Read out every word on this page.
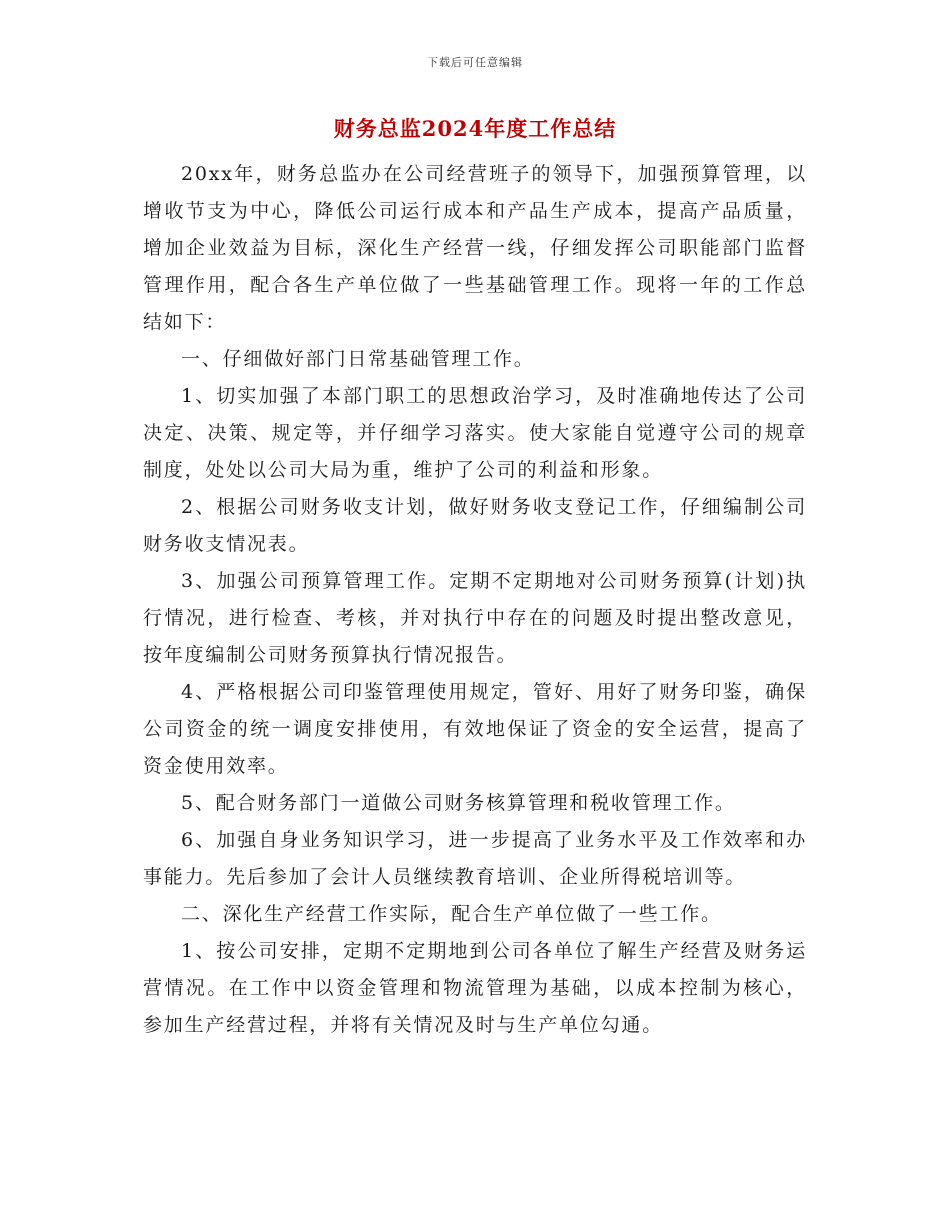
下载后可任意编辑
财务总监2024年度工作总结

20xx年，财务总监办在公司经营班子的领导下，加强预算管理，以增收节支为中心，降低公司运行成本和产品生产成本，提高产品质量，增加企业效益为目标，深化生产经营一线，仔细发挥公司职能部门监督管理作用，配合各生产单位做了一些基础管理工作。现将一年的工作总结如下：

一、仔细做好部门日常基础管理工作。

1、切实加强了本部门职工的思想政治学习，及时准确地传达了公司决定、决策、规定等，并仔细学习落实。使大家能自觉遵守公司的规章制度，处处以公司大局为重，维护了公司的利益和形象。

2、根据公司财务收支计划，做好财务收支登记工作，仔细编制公司财务收支情况表。

3、加强公司预算管理工作。定期不定期地对公司财务预算(计划)执行情况，进行检查、考核，并对执行中存在的问题及时提出整改意见，按年度编制公司财务预算执行情况报告。

4、严格根据公司印鉴管理使用规定，管好、用好了财务印鉴，确保公司资金的统一调度安排使用，有效地保证了资金的安全运营，提高了资金使用效率。

5、配合财务部门一道做公司财务核算管理和税收管理工作。

6、加强自身业务知识学习，进一步提高了业务水平及工作效率和办事能力。先后参加了会计人员继续教育培训、企业所得税培训等。

二、深化生产经营工作实际，配合生产单位做了一些工作。

1、按公司安排，定期不定期地到公司各单位了解生产经营及财务运营情况。在工作中以资金管理和物流管理为基础，以成本控制为核心，参加生产经营过程，并将有关情况及时与生产单位勾通。
